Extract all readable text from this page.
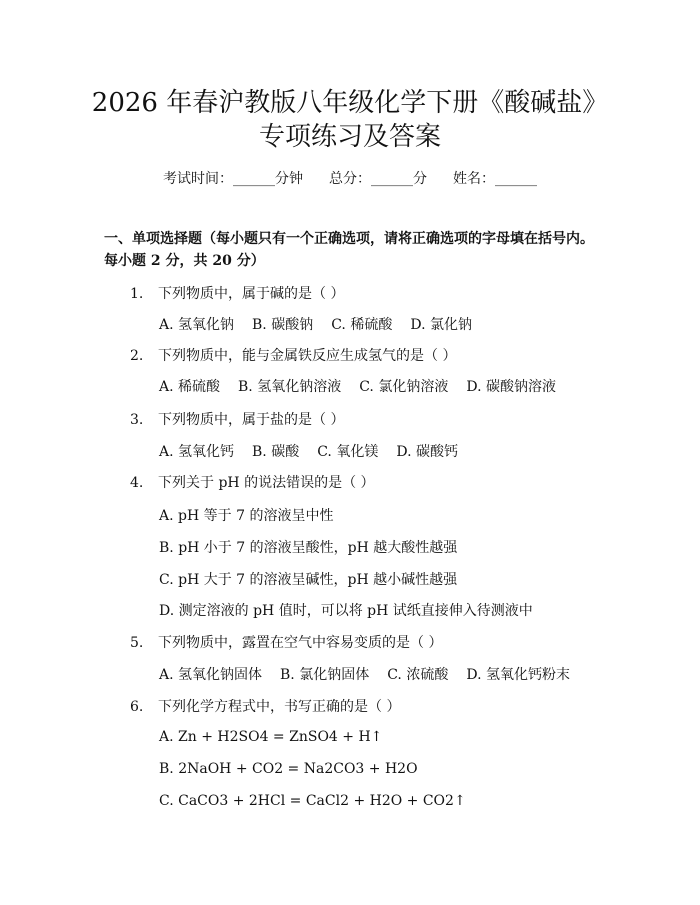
2026 年春沪教版八年级化学下册《酸碱盐》
专项练习及答案
考试时间：______分钟 总分：______分 姓名：______
一、单项选择题（每小题只有一个正确选项，请将正确选项的字母填在括号内。
每小题 2 分，共 20 分）
1. 下列物质中，属于碱的是（ ）
A. 氢氧化钠 B. 碳酸钠 C. 稀硫酸 D. 氯化钠
2. 下列物质中，能与金属铁反应生成氢气的是（ ）
A. 稀硫酸 B. 氢氧化钠溶液 C. 氯化钠溶液 D. 碳酸钠溶液
3. 下列物质中，属于盐的是（ ）
A. 氢氧化钙 B. 碳酸 C. 氧化镁 D. 碳酸钙
4. 下列关于 pH 的说法错误的是（ ）
A. pH 等于 7 的溶液呈中性
B. pH 小于 7 的溶液呈酸性，pH 越大酸性越强
C. pH 大于 7 的溶液呈碱性，pH 越小碱性越强
D. 测定溶液的 pH 值时，可以将 pH 试纸直接伸入待测液中
5. 下列物质中，露置在空气中容易变质的是（ ）
A. 氢氧化钠固体 B. 氯化钠固体 C. 浓硫酸 D. 氢氧化钙粉末
6. 下列化学方程式中，书写正确的是（ ）
A. Zn + H2SO4 = ZnSO4 + H↑
B. 2NaOH + CO2 = Na2CO3 + H2O
C. CaCO3 + 2HCl = CaCl2 + H2O + CO2↑
